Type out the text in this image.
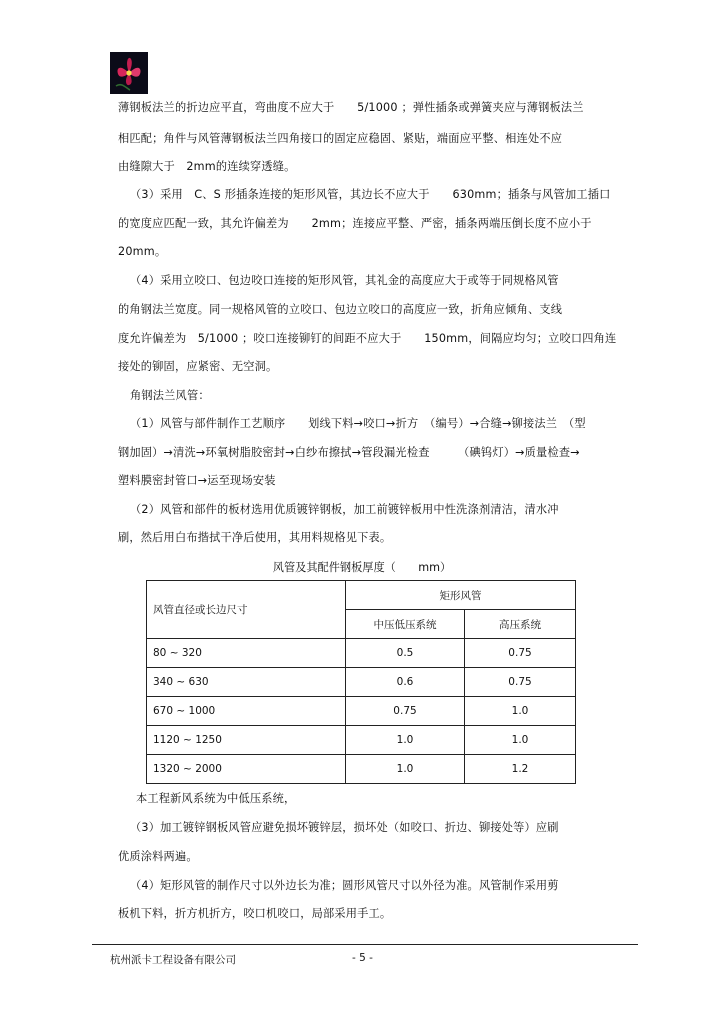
薄钢板法兰的折边应平直，弯曲度不应大于　　5/1000 ；弹性插条或弹簧夹应与薄钢板法兰
相匹配；角件与风管薄钢板法兰四角接口的固定应稳固、紧贴，端面应平整、相连处不应
由缝隙大于　2mm的连续穿透缝。
（3）采用　C、S 形插条连接的矩形风管，其边长不应大于　　630mm；插条与风管加工插口
的宽度应匹配一致，其允许偏差为　　2mm；连接应平整、严密，插条两端压倒长度不应小于
20mm。
（4）采用立咬口、包边咬口连接的矩形风管，其礼金的高度应大于或等于同规格风管
的角钢法兰宽度。同一规格风管的立咬口、包边立咬口的高度应一致，折角应倾角、支线
度允许偏差为　5/1000 ；咬口连接铆钉的间距不应大于　　150mm，间隔应均匀；立咬口四角连
接处的铆固，应紧密、无空洞。
角钢法兰风管：
（1）风管与部件制作工艺顺序　　划线下料→咬口→折方　（编号）→合缝→铆接法兰　（型
钢加固）→清洗→环氧树脂胶密封→白纱布擦拭→管段漏光检查　　　（碘钨灯）→质量检查→
塑料膜密封管口→运至现场安装
（2）风管和部件的板材选用优质镀锌钢板，加工前镀锌板用中性洗涤剂清洁，清水冲
刷，然后用白布揩拭干净后使用，其用料规格见下表。
风管及其配件钢板厚度（　　mm）
风管直径或长边尺寸	矩形风管	
	中压低压系统	高压系统
80 ~ 320	0.5	0.75
340 ~ 630	0.6	0.75
670 ~ 1000	0.75	1.0
1120 ~ 1250	1.0	1.0
1320 ~ 2000	1.0	1.2
本工程新风系统为中低压系统，
（3）加工镀锌钢板风管应避免损坏镀锌层，损坏处（如咬口、折边、铆接处等）应刷
优质涂料两遍。
（4）矩形风管的制作尺寸以外边长为准；圆形风管尺寸以外径为准。风管制作采用剪
板机下料，折方机折方，咬口机咬口，局部采用手工。
杭州派卡工程设备有限公司	- 5 -
